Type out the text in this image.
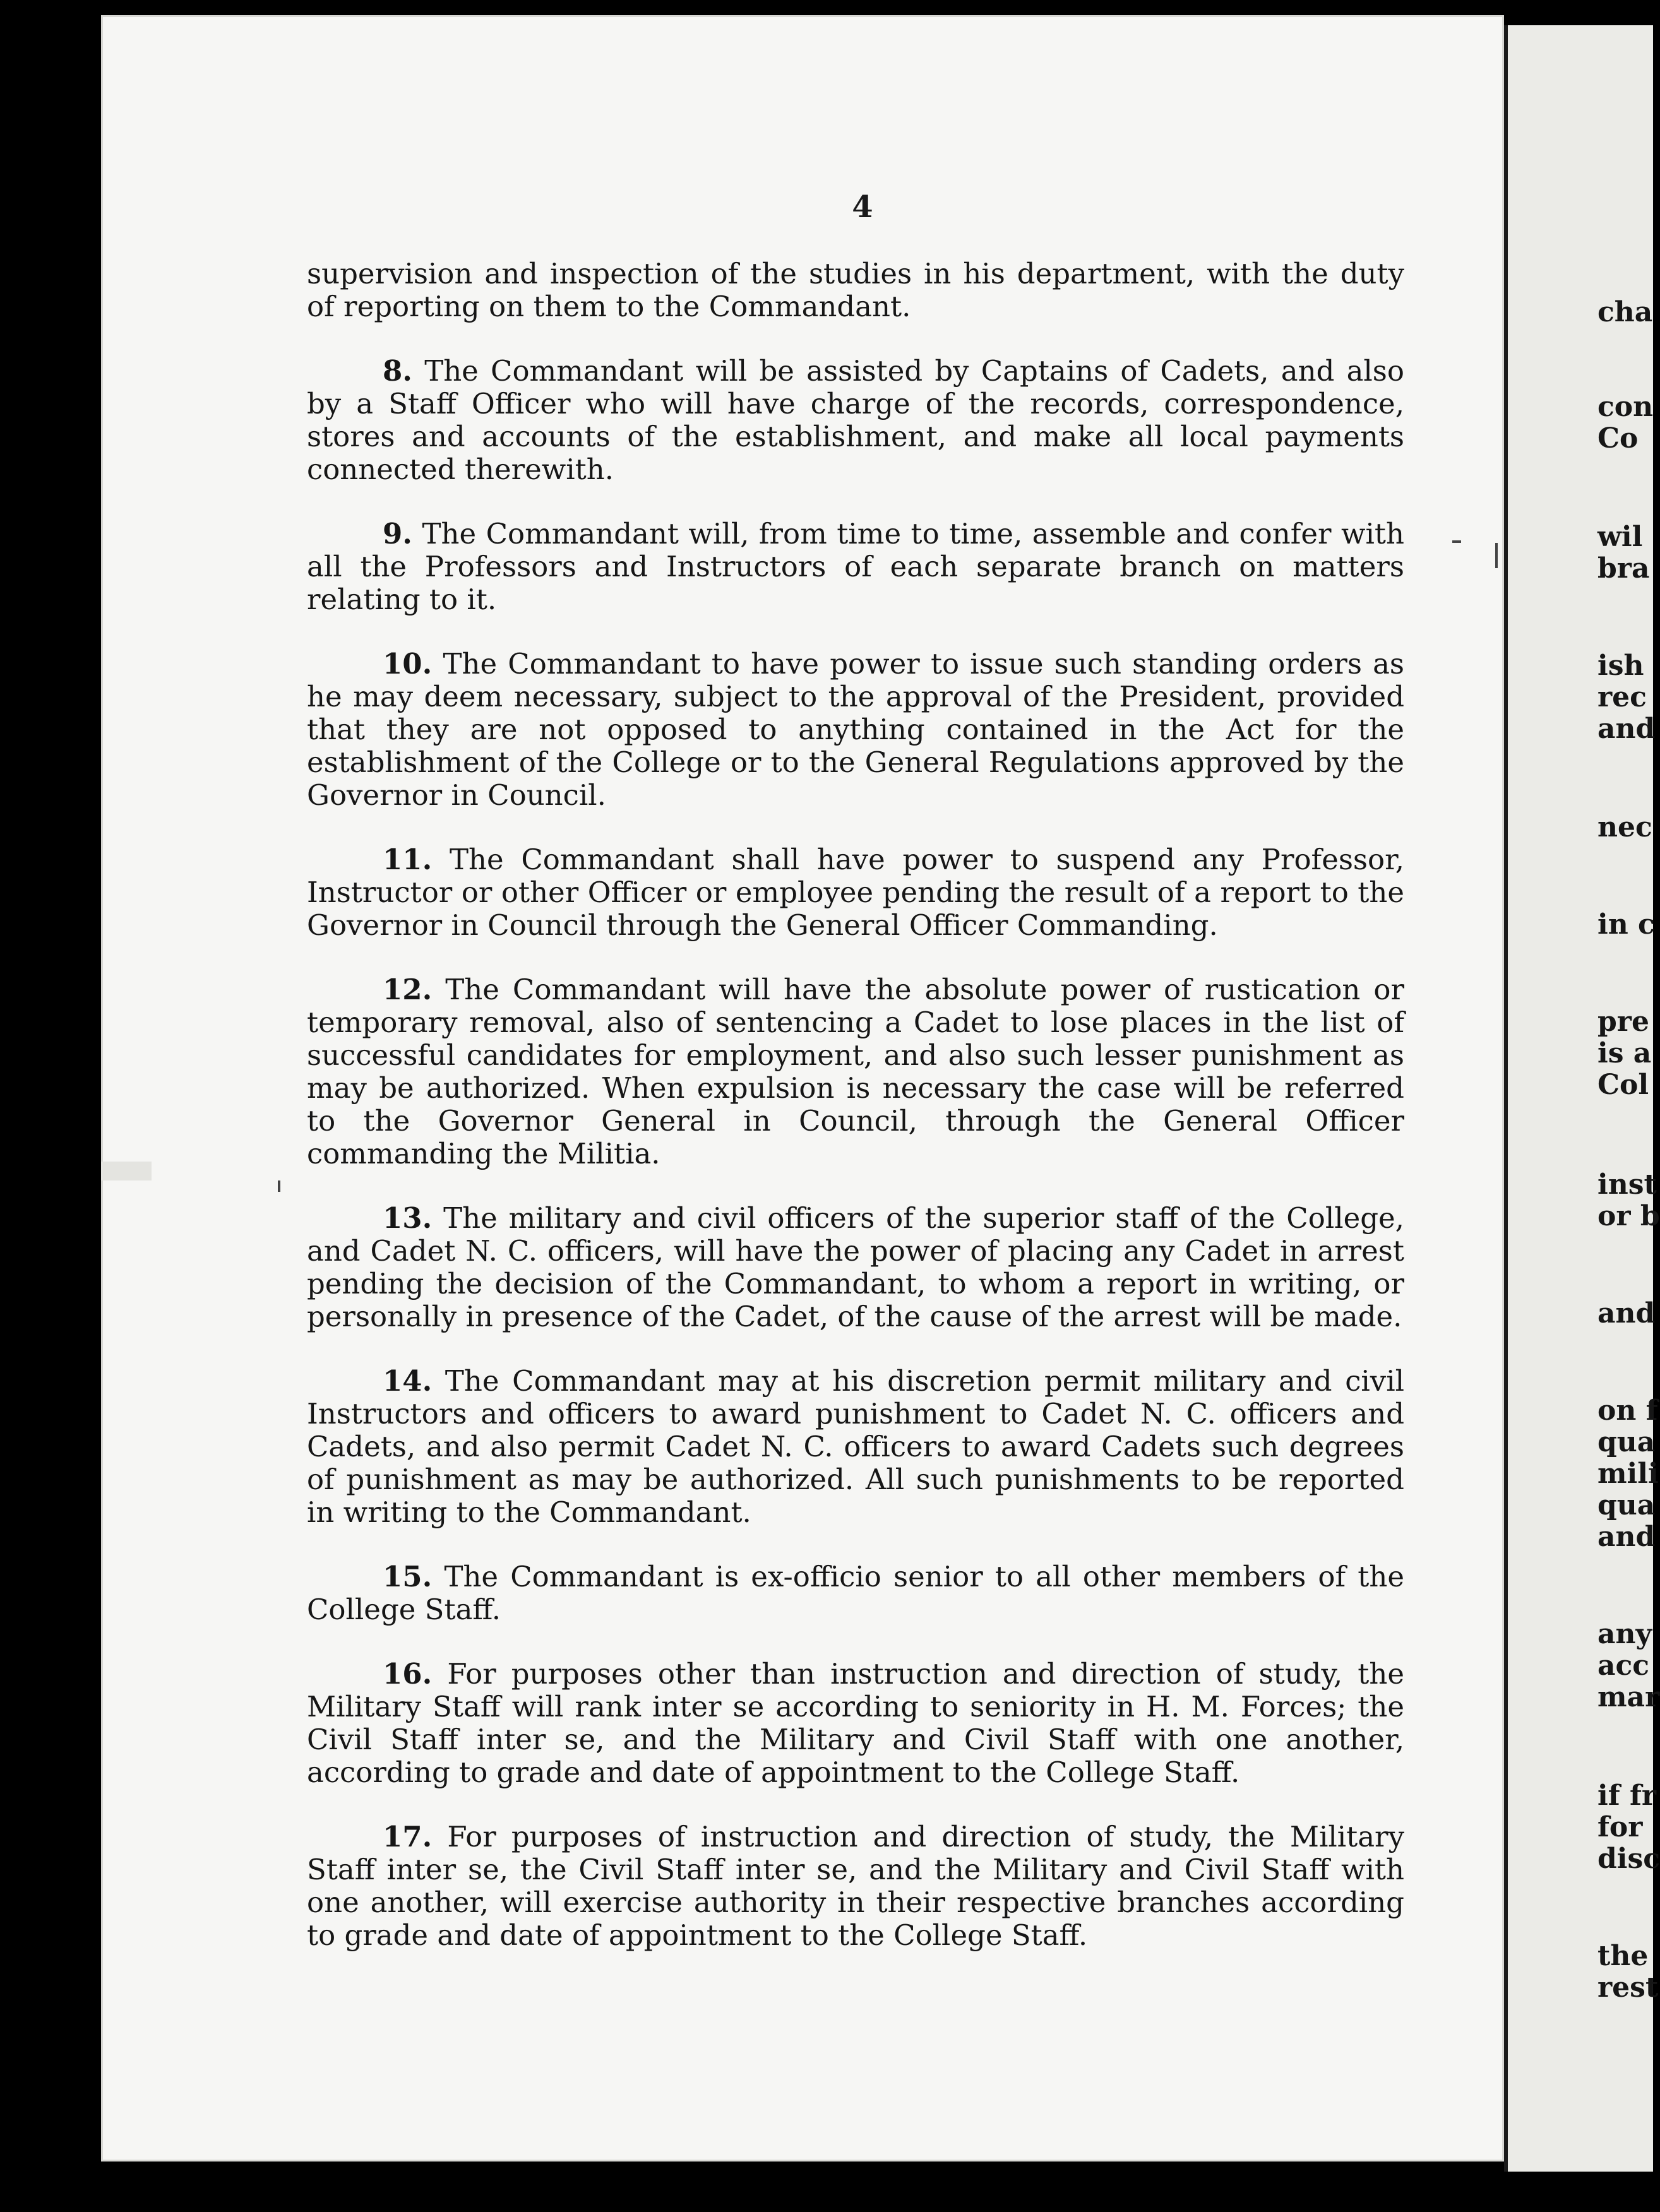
4

supervision and inspection of the studies in his department, with the duty of reporting on them to the Commandant.

8. The Commandant will be assisted by Captains of Cadets, and also by a Staff Officer who will have charge of the records, correspondence, stores and accounts of the establishment, and make all local payments connected therewith.

9. The Commandant will, from time to time, assemble and confer with all the Professors and Instructors of each separate branch on matters relating to it.

10. The Commandant to have power to issue such standing orders as he may deem necessary, subject to the approval of the President, provided that they are not opposed to anything contained in the Act for the establishment of the College or to the General Regulations approved by the Governor in Council.

11. The Commandant shall have power to suspend any Professor, Instructor or other Officer or employee pending the result of a report to the Governor in Council through the General Officer Commanding.

12. The Commandant will have the absolute power of rustication or temporary removal, also of sentencing a Cadet to lose places in the list of successful candidates for employment, and also such lesser punishment as may be authorized. When expulsion is necessary the case will be referred to the Governor General in Council, through the General Officer commanding the Militia.

13. The military and civil officers of the superior staff of the College, and Cadet N. C. officers, will have the power of placing any Cadet in arrest pending the decision of the Commandant, to whom a report in writing, or personally in presence of the Cadet, of the cause of the arrest will be made.

14. The Commandant may at his discretion permit military and civil Instructors and officers to award punishment to Cadet N. C. officers and Cadets, and also permit Cadet N. C. officers to award Cadets such degrees of punishment as may be authorized. All such punishments to be reported in writing to the Commandant.

15. The Commandant is ex-officio senior to all other members of the College Staff.

16. For purposes other than instruction and direction of study, the Military Staff will rank inter se according to seniority in H. M. Forces; the Civil Staff inter se, and the Military and Civil Staff with one another, according to grade and date of appointment to the College Staff.

17. For purposes of instruction and direction of study, the Military Staff inter se, the Civil Staff inter se, and the Military and Civil Staff with one another, will exercise authority in their respective branches according to grade and date of appointment to the College Staff.

cha
con
Co
wil
bra
ish
rec
and
nec
in c
pre
is a
Col
inst
or b
and
on f
qua
mili
qua
and
any
acc
mar
if fr
for
disc
the
rest
